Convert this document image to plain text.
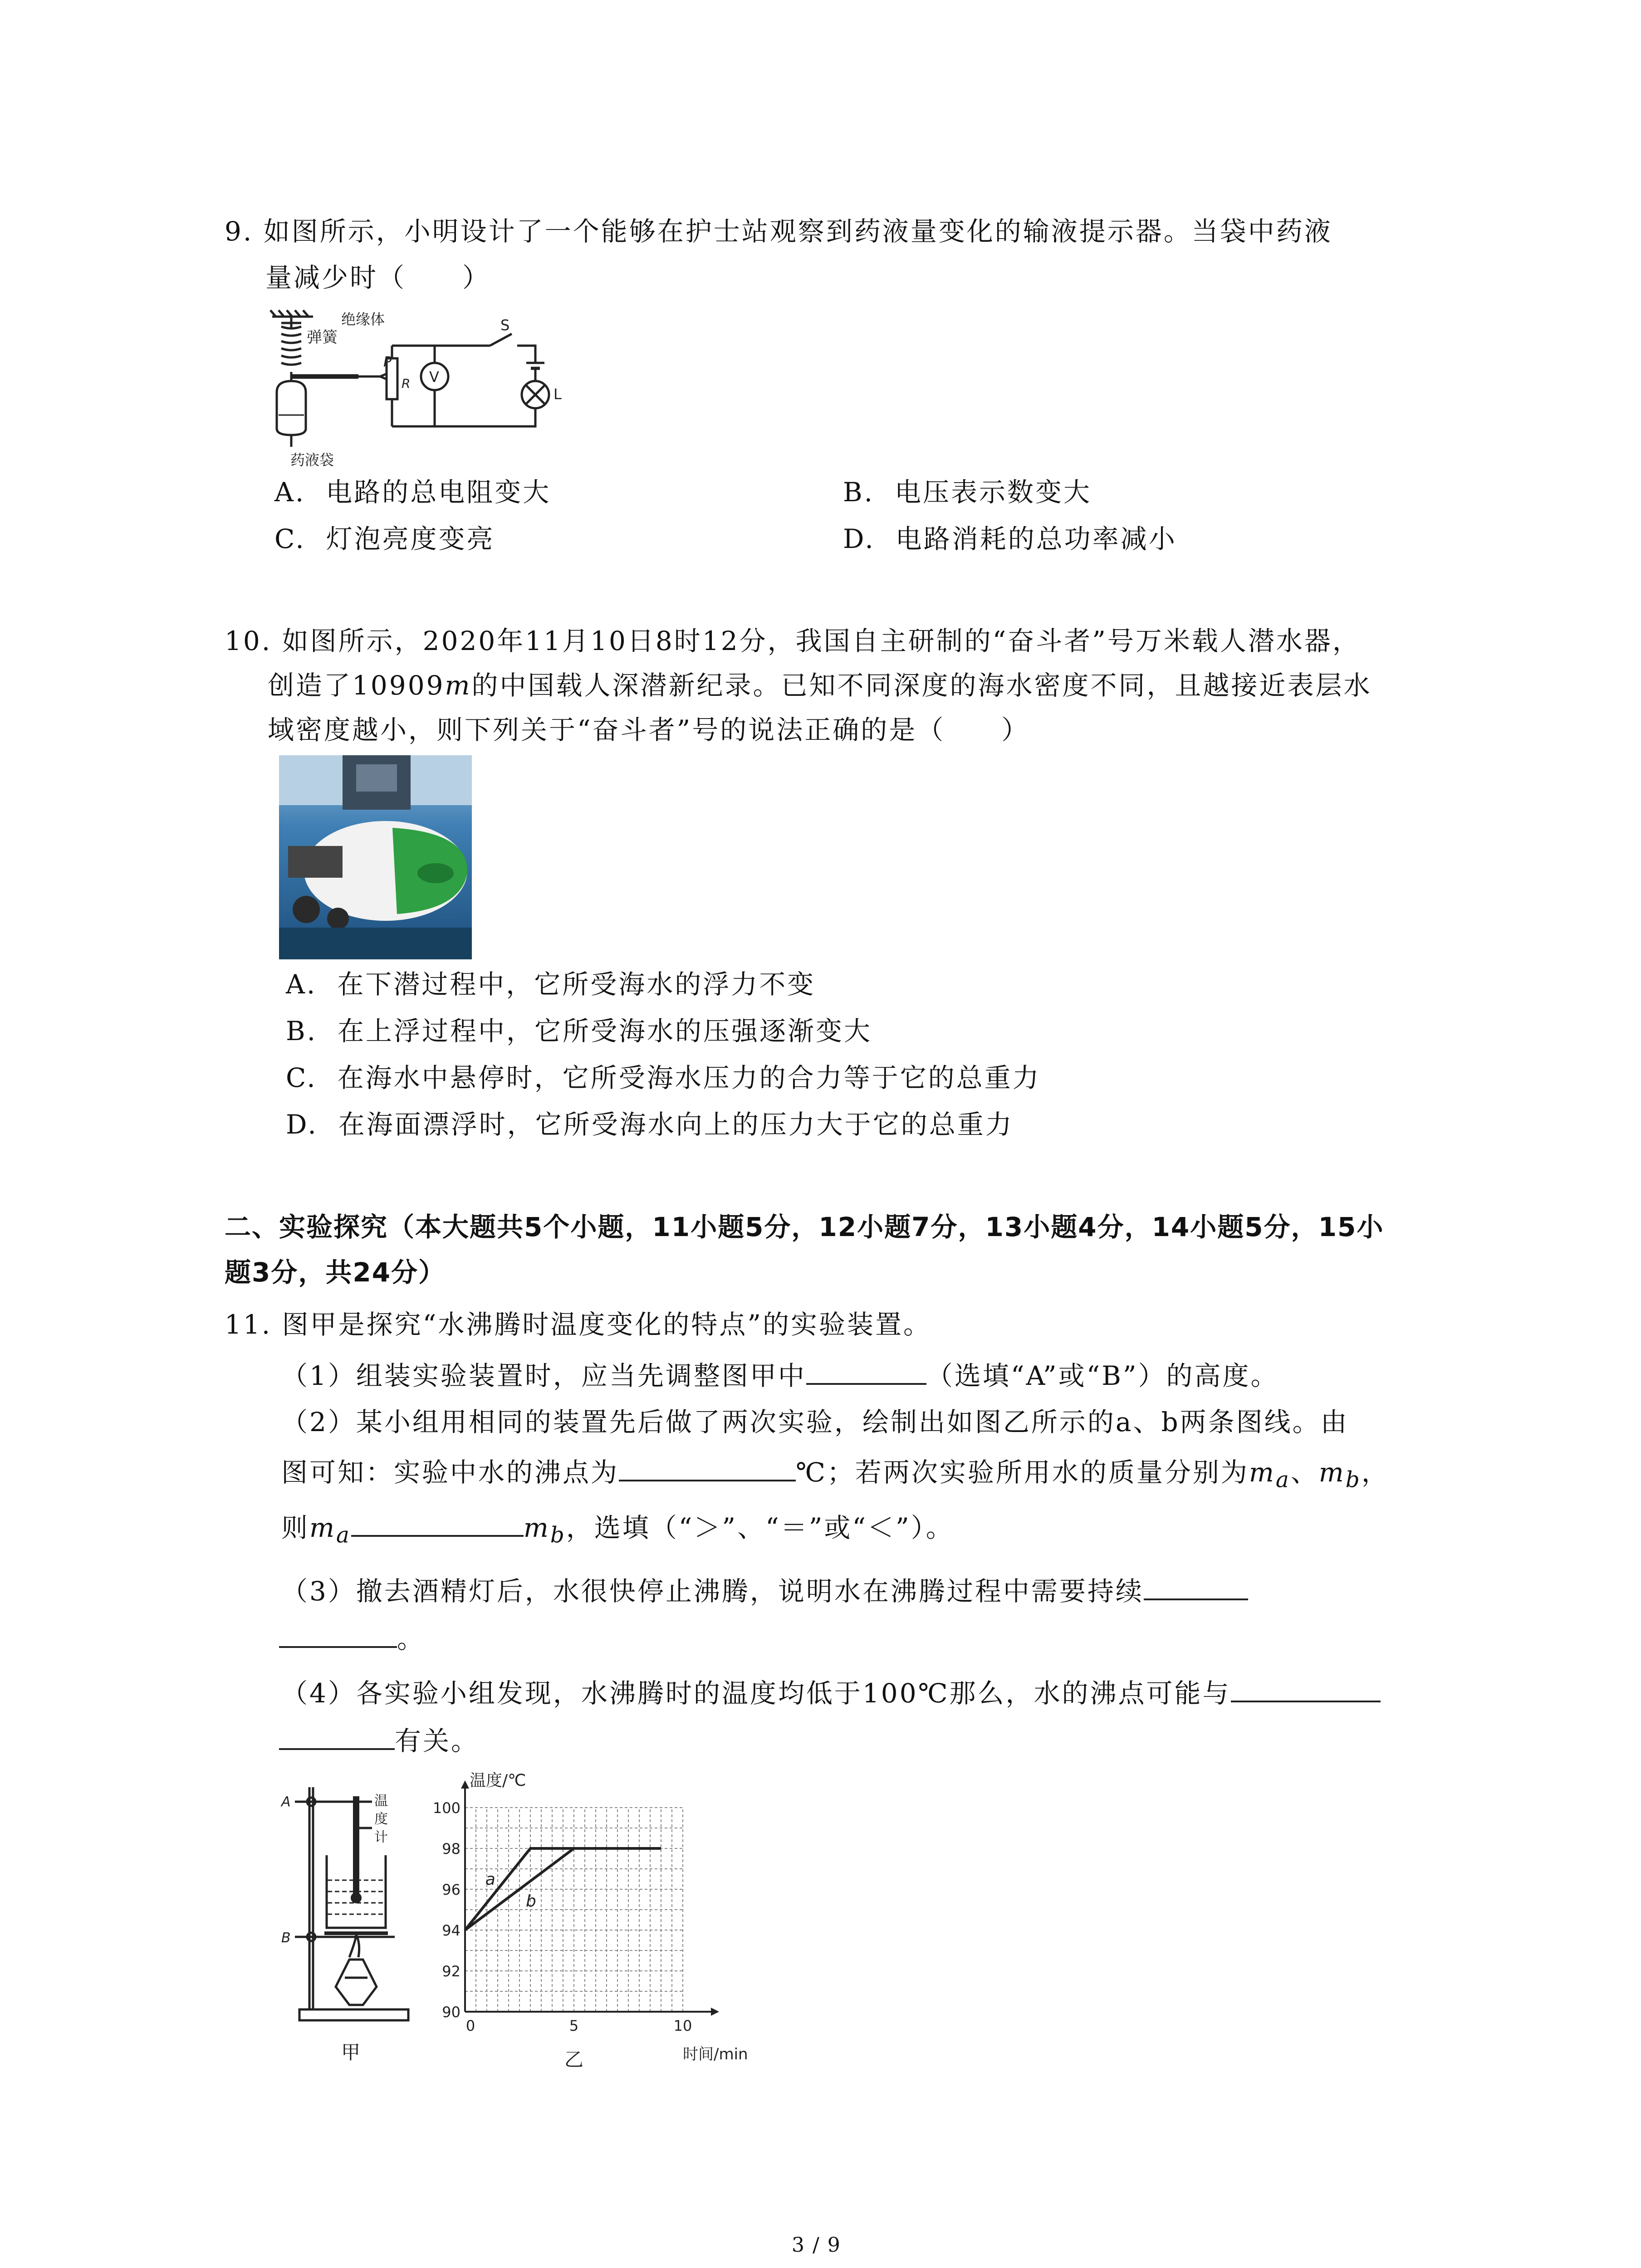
9. 如图所示，小明设计了一个能够在护士站观察到药液量变化的输液提示器。当袋中药液
量减少时（　　）
弹簧
药液袋
绝缘体
P
R V
S
L
A. 电路的总电阻变大	B. 电压表示数变大
C. 灯泡亮度变亮	D. 电路消耗的总功率减小
10. 如图所示，2020年11月10日8时12分，我国自主研制的“奋斗者”号万米载人潜水器，
创造了10909m的中国载人深潜新纪录。已知不同深度的海水密度不同，且越接近表层水
域密度越小，则下列关于“奋斗者”号的说法正确的是（　　）
A. 在下潜过程中，它所受海水的浮力不变
B. 在上浮过程中，它所受海水的压强逐渐变大
C. 在海水中悬停时，它所受海水压力的合力等于它的总重力
D. 在海面漂浮时，它所受海水向上的压力大于它的总重力
二、实验探究（本大题共5个小题，11小题5分，12小题7分，13小题4分，14小题5分，15小
题3分，共24分）
11. 图甲是探究“水沸腾时温度变化的特点”的实验装置。
（1）组装实验装置时，应当先调整图甲中	（选填“A”或“B”）的高度。
（2）某小组用相同的装置先后做了两次实验，绘制出如图乙所示的a、b两条图线。由
图可知：实验中水的沸点为	℃；若两次实验所用水的质量分别为$m_a$、$m_b$，
则$m_a$	$m_b$，选填（“＞”、“＝”或“＜”）。
（3）撤去酒精灯后，水很快停止沸腾，说明水在沸腾过程中需要持续
。
（4）各实验小组发现，水沸腾时的温度均低于100℃那么，水的沸点可能与
有关。
A
B
温
度
计
甲
温度/℃
时间/min
90
92
94
96
98
100
0	5	10
a
b
乙
3 / 9
